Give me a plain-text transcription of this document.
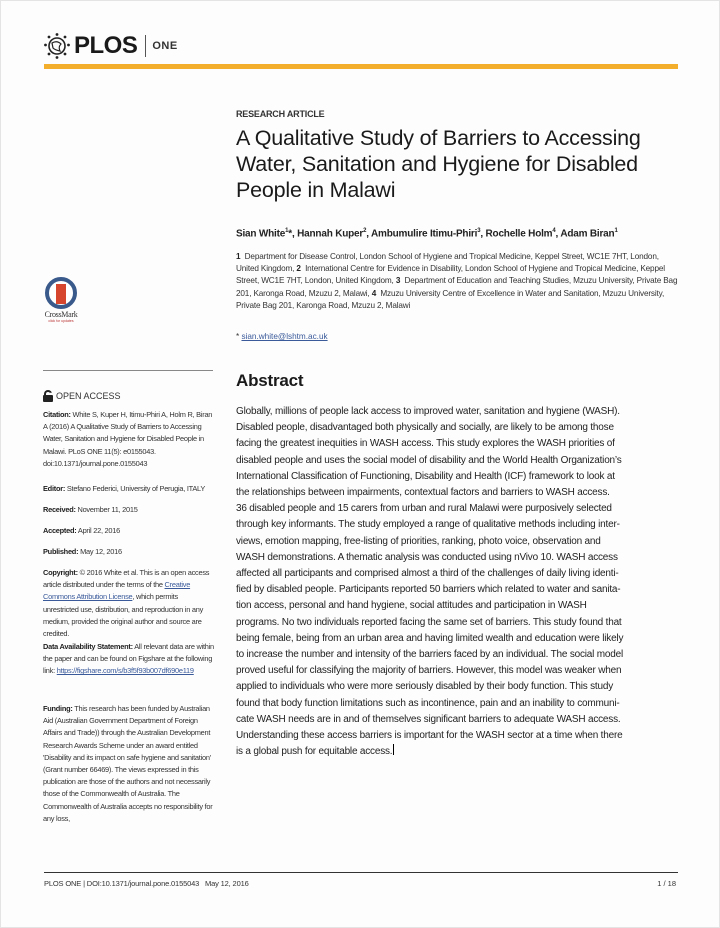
PLOS ONE
RESEARCH ARTICLE
A Qualitative Study of Barriers to Accessing Water, Sanitation and Hygiene for Disabled People in Malawi
Sian White$^1$*, Hannah Kuper$^2$, Ambumulire Itimu-Phiri$^3$, Rochelle Holm$^4$, Adam Biran$^1$
1 Department for Disease Control, London School of Hygiene and Tropical Medicine, Keppel Street, WC1E 7HT, London, United Kingdom, 2 International Centre for Evidence in Disability, London School of Hygiene and Tropical Medicine, Keppel Street, WC1E 7HT, London, United Kingdom, 3 Department of Education and Teaching Studies, Mzuzu University, Private Bag 201, Karonga Road, Mzuzu 2, Malawi, 4 Mzuzu University Centre of Excellence in Water and Sanitation, Mzuzu University, Private Bag 201, Karonga Road, Mzuzu 2, Malawi
* sian.white@lshtm.ac.uk
CrossMark
click for updates
OPEN ACCESS
Citation: White S, Kuper H, Itimu-Phiri A, Holm R, Biran A (2016) A Qualitative Study of Barriers to Accessing Water, Sanitation and Hygiene for Disabled People in Malawi. PLoS ONE 11(5): e0155043. doi:10.1371/journal.pone.0155043
Editor: Stefano Federici, University of Perugia, ITALY
Received: November 11, 2015
Accepted: April 22, 2016
Published: May 12, 2016
Copyright: © 2016 White et al. This is an open access article distributed under the terms of the Creative Commons Attribution License, which permits unrestricted use, distribution, and reproduction in any medium, provided the original author and source are credited.
Data Availability Statement: All relevant data are within the paper and can be found on Figshare at the following link: https://figshare.com/s/b3f5f93b007df690e119
Funding: This research has been funded by Australian Aid (Australian Government Department of Foreign Affairs and Trade)) through the Australian Development Research Awards Scheme under an award entitled 'Disability and its impact on safe hygiene and sanitation' (Grant number 66469). The views expressed in this publication are those of the authors and not necessarily those of the Commonwealth of Australia. The Commonwealth of Australia accepts no responsibility for any loss,
Abstract
Globally, millions of people lack access to improved water, sanitation and hygiene (WASH).
Disabled people, disadvantaged both physically and socially, are likely to be among those
facing the greatest inequities in WASH access. This study explores the WASH priorities of
disabled people and uses the social model of disability and the World Health Organization’s
International Classification of Functioning, Disability and Health (ICF) framework to look at
the relationships between impairments, contextual factors and barriers to WASH access.
36 disabled people and 15 carers from urban and rural Malawi were purposively selected
through key informants. The study employed a range of qualitative methods including inter-
views, emotion mapping, free-listing of priorities, ranking, photo voice, observation and
WASH demonstrations. A thematic analysis was conducted using nVivo 10. WASH access
affected all participants and comprised almost a third of the challenges of daily living identi-
fied by disabled people. Participants reported 50 barriers which related to water and sanita-
tion access, personal and hand hygiene, social attitudes and participation in WASH
programs. No two individuals reported facing the same set of barriers. This study found that
being female, being from an urban area and having limited wealth and education were likely
to increase the number and intensity of the barriers faced by an individual. The social model
proved useful for classifying the majority of barriers. However, this model was weaker when
applied to individuals who were more seriously disabled by their body function. This study
found that body function limitations such as incontinence, pain and an inability to communi-
cate WASH needs are in and of themselves significant barriers to adequate WASH access.
Understanding these access barriers is important for the WASH sector at a time when there
is a global push for equitable access.
PLOS ONE | DOI:10.1371/journal.pone.0155043   May 12, 2016	1 / 18
